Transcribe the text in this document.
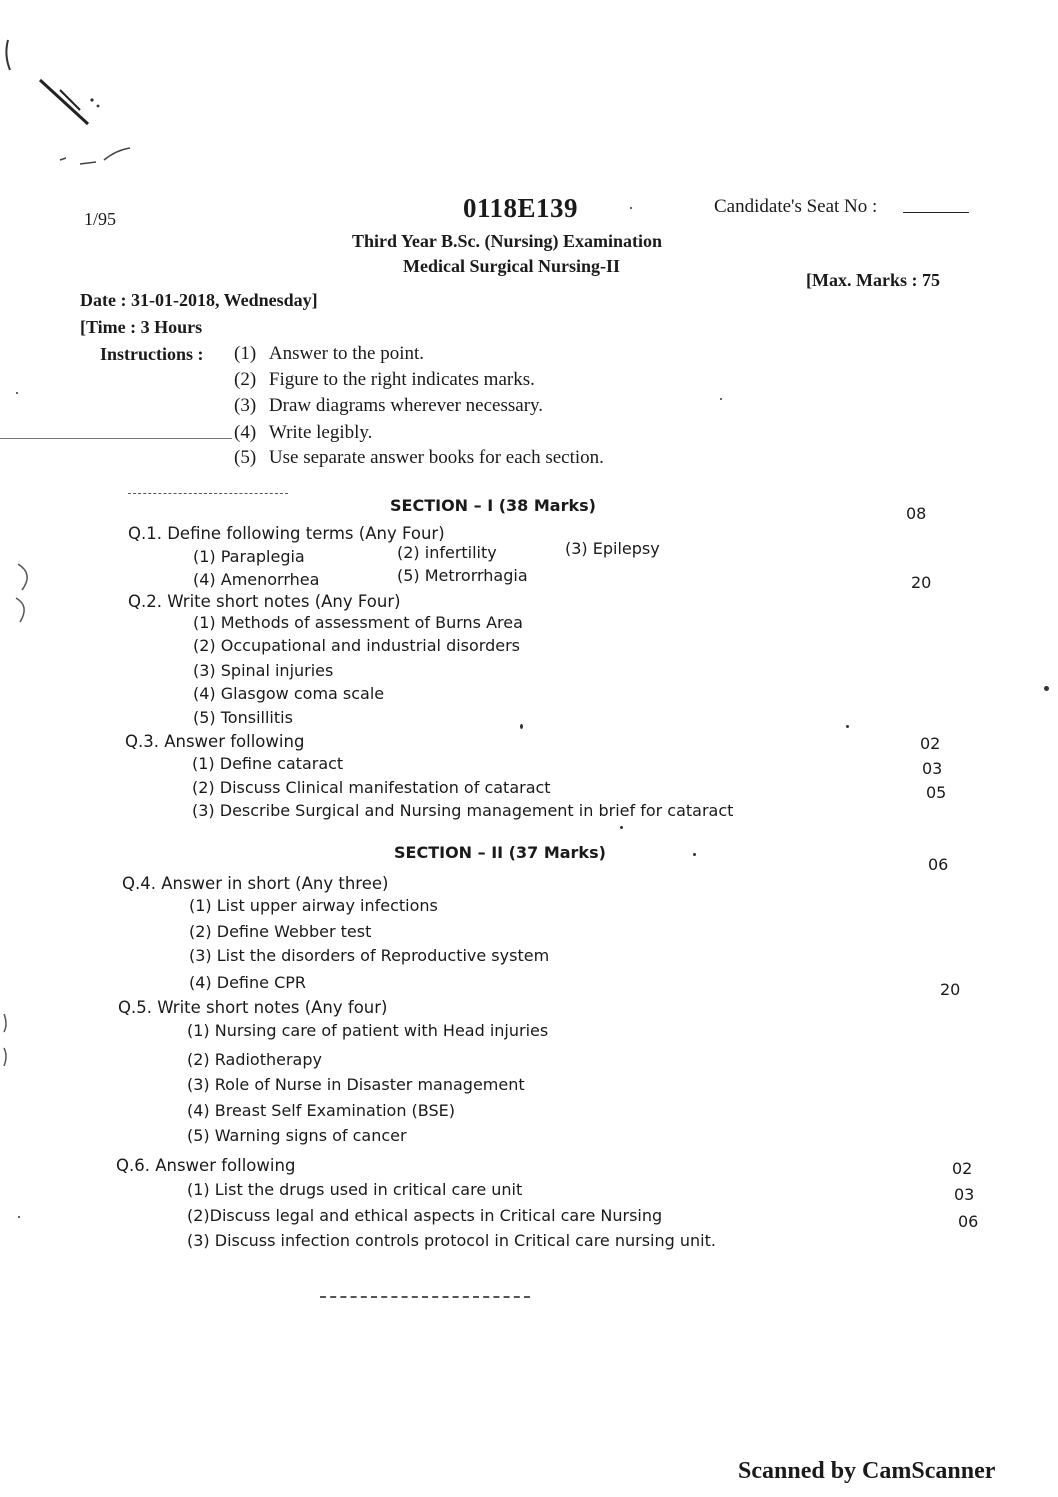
1/95	0118E139	Candidate's Seat No :
Third Year B.Sc. (Nursing) Examination
Medical Surgical Nursing-II
[Max. Marks : 75
Date : 31-01-2018, Wednesday]
[Time : 3 Hours
Instructions : (1) Answer to the point.
(2) Figure to the right indicates marks.
(3) Draw diagrams wherever necessary.
(4) Write legibly.
(5) Use separate answer books for each section.
SECTION – I (38 Marks)
Q.1. Define following terms (Any Four)
08
(1) Paraplegia	(2) infertility	(3) Epilepsy
(4) Amenorrhea	(5) Metrorrhagia
Q.2. Write short notes (Any Four)
20
(1) Methods of assessment of Burns Area
(2) Occupational and industrial disorders
(3) Spinal injuries
(4) Glasgow coma scale
(5) Tonsillitis
Q.3. Answer following
(1) Define cataract
(2) Discuss Clinical manifestation of cataract
(3) Describe Surgical and Nursing management in brief for cataract
02
03
05
SECTION – II (37 Marks)
Q.4. Answer in short (Any three)
06
(1) List upper airway infections
(2) Define Webber test
(3) List the disorders of Reproductive system
(4) Define CPR
Q.5. Write short notes (Any four)
20
(1) Nursing care of patient with Head injuries
(2) Radiotherapy
(3) Role of Nurse in Disaster management
(4) Breast Self Examination (BSE)
(5) Warning signs of cancer
Q.6. Answer following
(1) List the drugs used in critical care unit
(2)Discuss legal and ethical aspects in Critical care Nursing
(3) Discuss infection controls protocol in Critical care nursing unit.
02
03
06
Scanned by CamScanner
